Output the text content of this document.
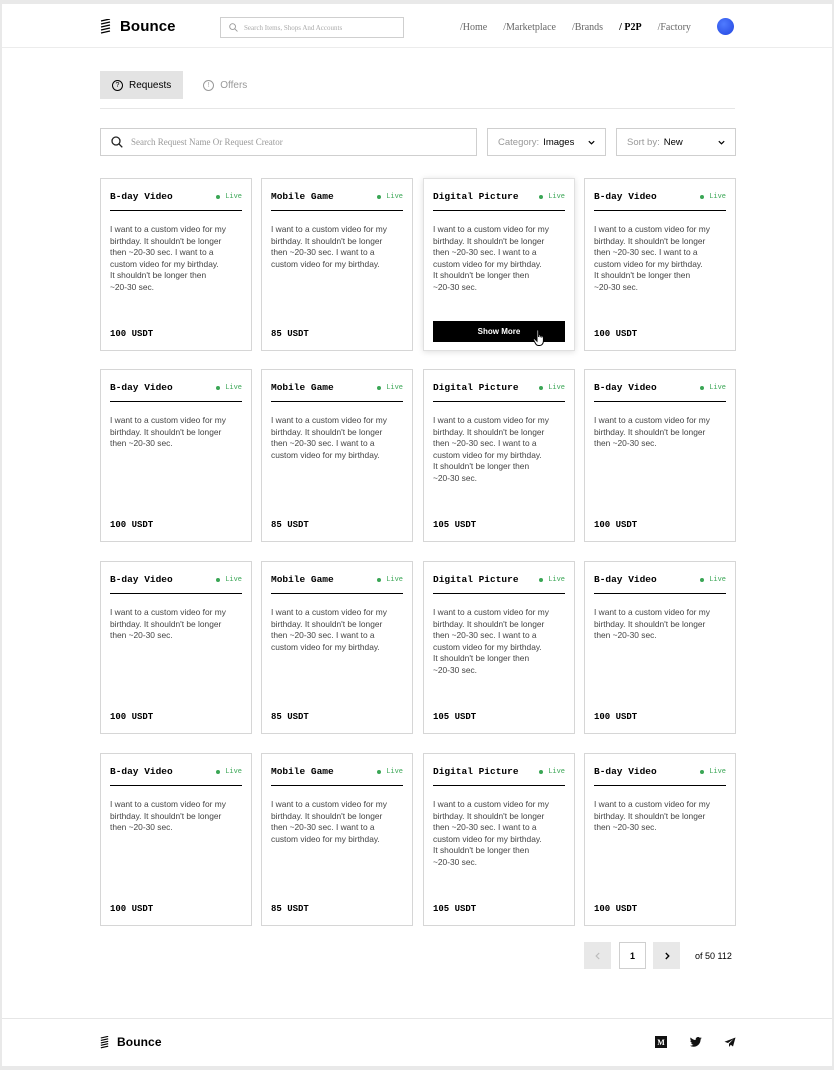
Bounce
Search Items, Shops And Accounts	/Home /Marketplace /Brands / P2P /Factory
? Requests	!	Offers
Search Request Name Or Request Creator
Category: Images	Sort by: New
B-day Video	Live
I want to a custom video for my
birthday. It shouldn't be longer
then ~20-30 sec. I want to a
custom video for my birthday.
It shouldn't be longer then
~20-30 sec.
100 USDT
Mobile Game	Live
I want to a custom video for my
birthday. It shouldn't be longer
then ~20-30 sec. I want to a
custom video for my birthday.
85 USDT
Digital Picture	Live
I want to a custom video for my
birthday. It shouldn't be longer
then ~20-30 sec. I want to a
custom video for my birthday.
It shouldn't be longer then
~20-30 sec.
Show More
B-day Video	Live
I want to a custom video for my
birthday. It shouldn't be longer
then ~20-30 sec. I want to a
custom video for my birthday.
It shouldn't be longer then
~20-30 sec.
100 USDT
B-day Video	Live
I want to a custom video for my
birthday. It shouldn't be longer
then ~20-30 sec.
100 USDT
Mobile Game	Live
I want to a custom video for my
birthday. It shouldn't be longer
then ~20-30 sec. I want to a
custom video for my birthday.
85 USDT
Digital Picture	Live
I want to a custom video for my
birthday. It shouldn't be longer
then ~20-30 sec. I want to a
custom video for my birthday.
It shouldn't be longer then
~20-30 sec.
105 USDT
B-day Video	Live
I want to a custom video for my
birthday. It shouldn't be longer
then ~20-30 sec.
100 USDT
B-day Video	Live
I want to a custom video for my
birthday. It shouldn't be longer
then ~20-30 sec.
100 USDT
Mobile Game	Live
I want to a custom video for my
birthday. It shouldn't be longer
then ~20-30 sec. I want to a
custom video for my birthday.
85 USDT
Digital Picture	Live
I want to a custom video for my
birthday. It shouldn't be longer
then ~20-30 sec. I want to a
custom video for my birthday.
It shouldn't be longer then
~20-30 sec.
105 USDT
B-day Video	Live
I want to a custom video for my
birthday. It shouldn't be longer
then ~20-30 sec.
100 USDT
B-day Video	Live
I want to a custom video for my
birthday. It shouldn't be longer
then ~20-30 sec.
100 USDT
Mobile Game	Live
I want to a custom video for my
birthday. It shouldn't be longer
then ~20-30 sec. I want to a
custom video for my birthday.
85 USDT
Digital Picture	Live
I want to a custom video for my
birthday. It shouldn't be longer
then ~20-30 sec. I want to a
custom video for my birthday.
It shouldn't be longer then
~20-30 sec.
105 USDT
B-day Video	Live
I want to a custom video for my
birthday. It shouldn't be longer
then ~20-30 sec.
100 USDT
1	of 50 112
Bounce	M
